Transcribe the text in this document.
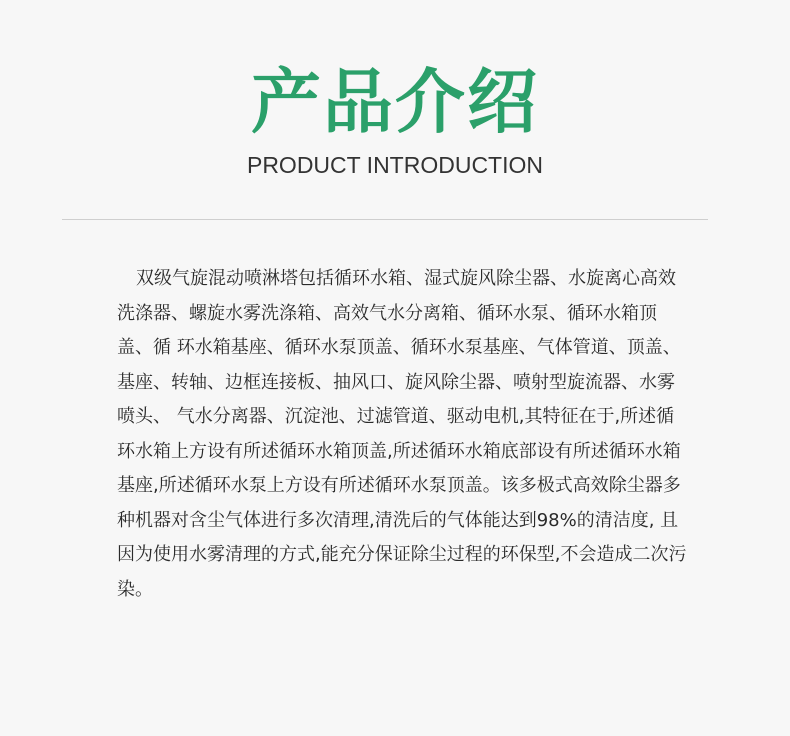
产品介绍
PRODUCT INTRODUCTION

双级气旋混动喷淋塔包括循环水箱、湿式旋风除尘器、水旋离心高效洗涤器、螺旋水雾洗涤箱、高效气水分离箱、循环水泵、循环水箱顶盖、循 环水箱基座、循环水泵顶盖、循环水泵基座、气体管道、顶盖、基座、转轴、边框连接板、抽风口、旋风除尘器、喷射型旋流器、水雾喷头、 气水分离器、沉淀池、过滤管道、驱动电机,其特征在于,所述循环水箱上方设有所述循环水箱顶盖,所述循环水箱底部设有所述循环水箱基座,所述循环水泵上方设有所述循环水泵顶盖。该多极式高效除尘器多种机器对含尘气体进行多次清理,清洗后的气体能达到98%的清洁度, 且因为使用水雾清理的方式,能充分保证除尘过程的环保型,不会造成二次污染。
